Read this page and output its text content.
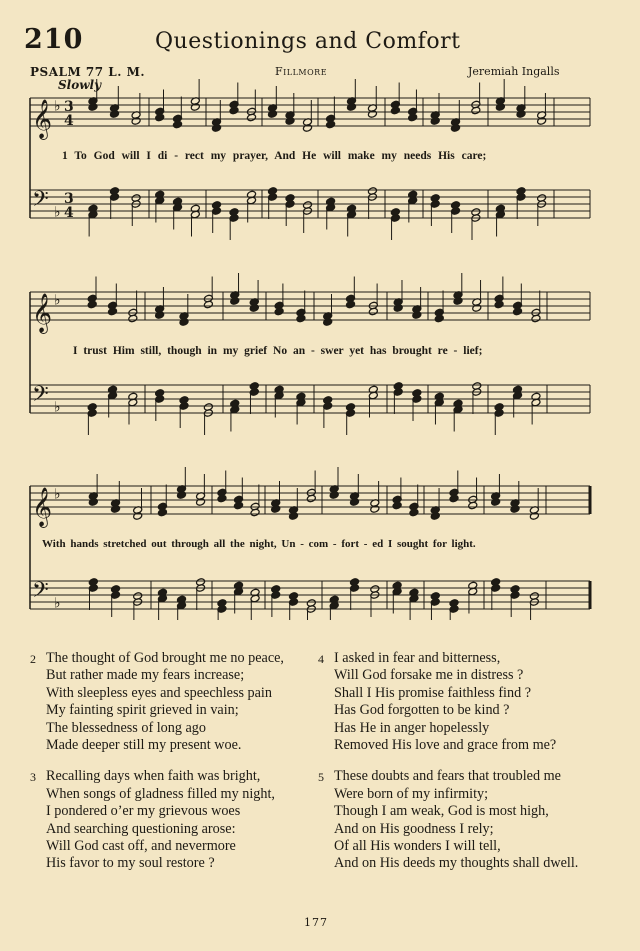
210	Questionings and Comfort
PSALM 77 L. M.	Fillmore	Jeremiah Ingalls
Slowly
𝄞 ♭ 3
4
𝄢 ♭
3
4
𝄞 ♭
𝄢 ♭
𝄞 ♭
𝄢 ♭
1 To God will I di - rect my prayer, And He will make my needs His care;
I trust Him still, though in my grief No an - swer yet has brought re - lief;
With hands stretched out through all the night, Un - com - fort - ed I sought for light.
2 The thought of God brought me no peace,
But rather made my fears increase;
With sleepless eyes and speechless pain
My fainting spirit grieved in vain;
The blessedness of long ago
Made deeper still my present woe.
3 Recalling days when faith was bright,
When songs of gladness filled my night,
I pondered o’er my grievous woes
And searching questioning arose:
Will God cast off, and nevermore
His favor to my soul restore ?
4 I asked in fear and bitterness,
Will God forsake me in distress ?
Shall I His promise faithless find ?
Has God forgotten to be kind ?
Has He in anger hopelessly
Removed His love and grace from me?
5 These doubts and fears that troubled me
Were born of my infirmity;
Though I am weak, God is most high,
And on His goodness I rely;
Of all His wonders I will tell,
And on His deeds my thoughts shall dwell.
177
